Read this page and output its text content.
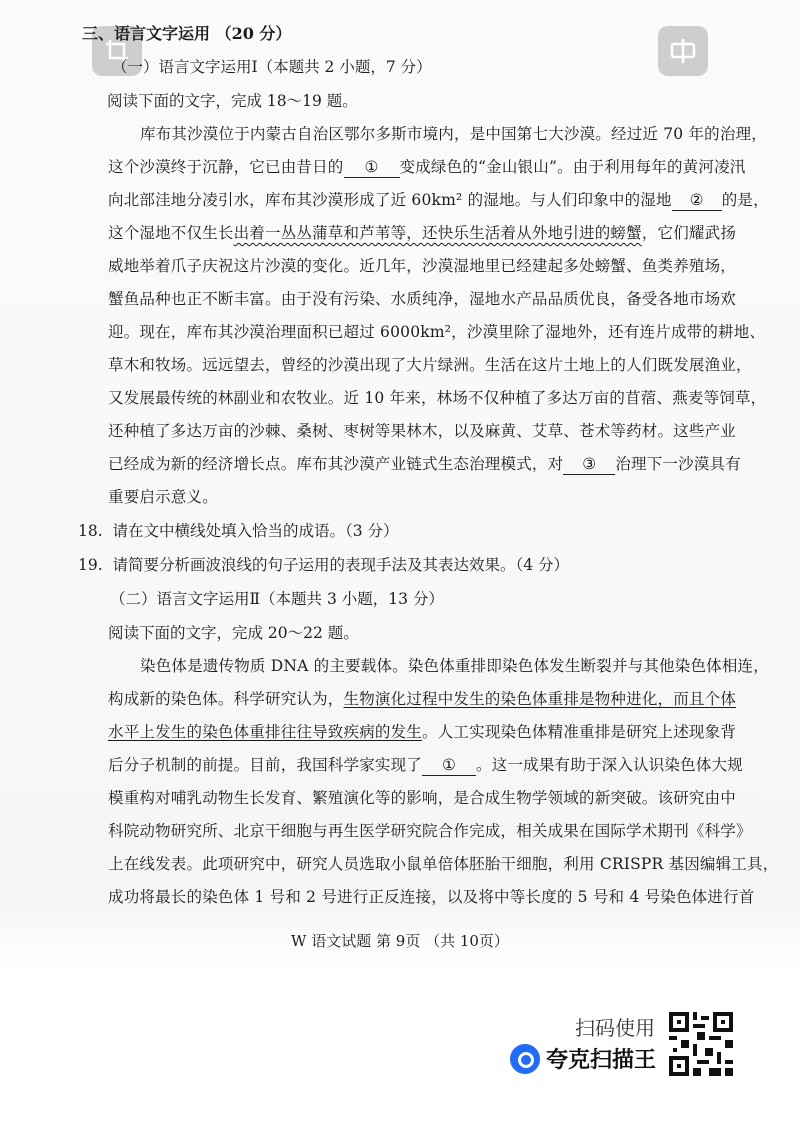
三、语言文字运用 （20 分）
（一）语言文字运用Ⅰ（本题共 2 小题，7 分）
阅读下面的文字，完成 18～19 题。
库布其沙漠位于内蒙古自治区鄂尔多斯市境内，是中国第七大沙漠。经过近 70 年的治理，
这个沙漠终于沉静，它已由昔日的 ① 变成绿色的“金山银山”。由于利用每年的黄河凌汛
向北部洼地分凌引水，库布其沙漠形成了近 60km² 的湿地。与人们印象中的湿地 ② 的是，
这个湿地不仅生长出着一丛丛蒲草和芦苇等，还快乐生活着从外地引进的螃蟹，它们耀武扬
威地举着爪子庆祝这片沙漠的变化。近几年，沙漠湿地里已经建起多处螃蟹、鱼类养殖场，
蟹鱼品种也正不断丰富。由于没有污染、水质纯净，湿地水产品品质优良，备受各地市场欢
迎。现在，库布其沙漠治理面积已超过 6000km²，沙漠里除了湿地外，还有连片成带的耕地、
草木和牧场。远远望去，曾经的沙漠出现了大片绿洲。生活在这片土地上的人们既发展渔业，
又发展最传统的林副业和农牧业。近 10 年来，林场不仅种植了多达万亩的苜蓿、燕麦等饲草，
还种植了多达万亩的沙棘、桑树、枣树等果林木，以及麻黄、艾草、苍术等药材。这些产业
已经成为新的经济增长点。库布其沙漠产业链式生态治理模式，对 ③ 治理下一沙漠具有
重要启示意义。
18. 请在文中横线处填入恰当的成语。（3 分）
19. 请简要分析画波浪线的句子运用的表现手法及其表达效果。（4 分）
（二）语言文字运用Ⅱ（本题共 3 小题，13 分）
阅读下面的文字，完成 20～22 题。
染色体是遗传物质 DNA 的主要载体。染色体重排即染色体发生断裂并与其他染色体相连，
构成新的染色体。科学研究认为，生物演化过程中发生的染色体重排是物种进化，而且个体
水平上发生的染色体重排往往导致疾病的发生。人工实现染色体精准重排是研究上述现象背
后分子机制的前提。目前，我国科学家实现了 ① 。这一成果有助于深入认识染色体大规
模重构对哺乳动物生长发育、繁殖演化等的影响，是合成生物学领域的新突破。该研究由中
科院动物研究所、北京干细胞与再生医学研究院合作完成，相关成果在国际学术期刊《科学》
上在线发表。此项研究中，研究人员选取小鼠单倍体胚胎干细胞，利用 CRISPR 基因编辑工具，
成功将最长的染色体 1 号和 2 号进行正反连接，以及将中等长度的 5 号和 4 号染色体进行首
W 语文试题 第 9页 （共 10页）
扫码使用
夸克扫描王
